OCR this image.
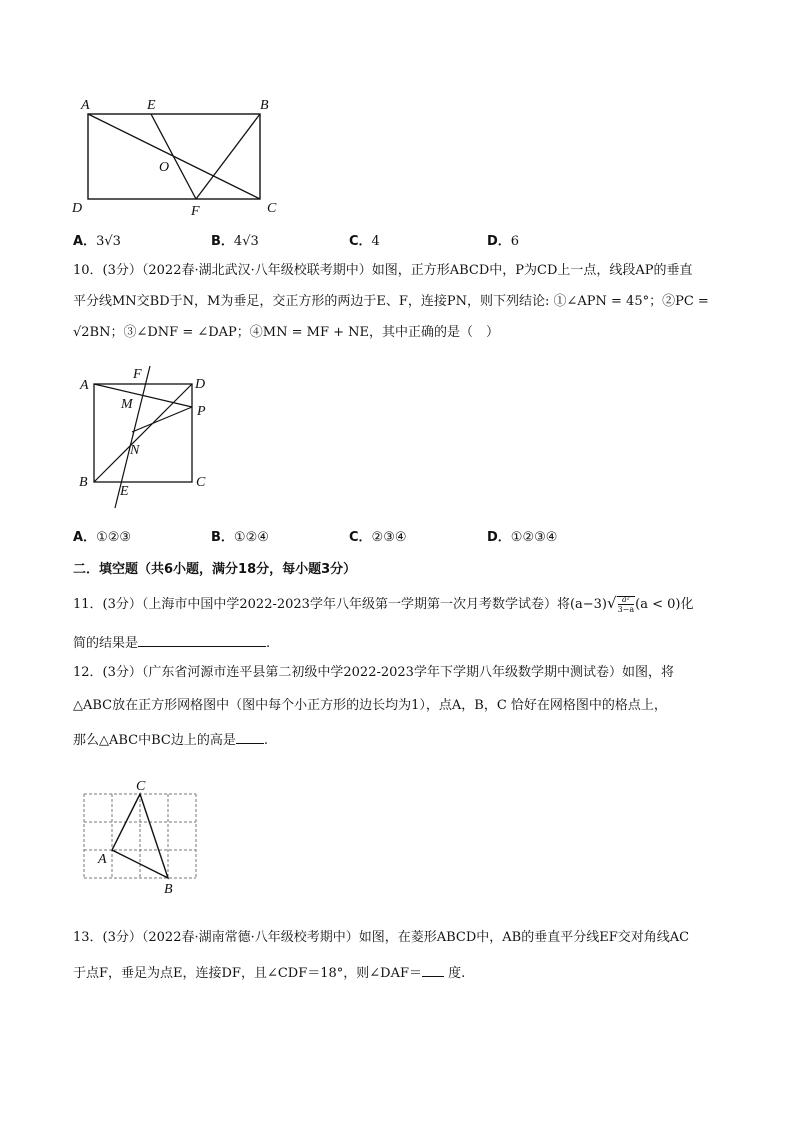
A	E	B
O
D	F	C
A．3√3	B．4√3	C．4	D．6
10．(3分）（2022春·湖北武汉·八年级校联考期中）如图，正方形ABCD中，P为CD上一点，线段AP的垂直
平分线MN交BD于N，M为垂足，交正方形的两边于E、F，连接PN，则下列结论: ①∠APN = 45°；②PC =
√2BN；③∠DNF = ∠DAP；④MN = MF + NE，其中正确的是（　）
A
F
D
M	P
N
B
E
C
A．①②③	B．①②④	C．②③④	D．①②③④
二．填空题（共6小题，满分18分，每小题3分）
11．(3分）（上海市中国中学2022-2023学年八年级第一学期第一次月考数学试卷）将$(a-3)√ \frac{\text{a²}}{3-a} (a < 0)$化
简的结果是	.
12．(3分）（广东省河源市连平县第二初级中学2022-2023学年下学期八年级数学期中测试卷）如图，将
△ABC放在正方形网格图中（图中每个小正方形的边长均为1），点A，B，C 恰好在网格图中的格点上，
那么△ABC中BC边上的高是 .
C
A
B
13．(3分）（2022春·湖南常德·八年级校考期中）如图，在菱形ABCD中，AB的垂直平分线EF交对角线AC
于点F，垂足为点E，连接DF，且∠CDF＝18°，则∠DAF＝ 度.
